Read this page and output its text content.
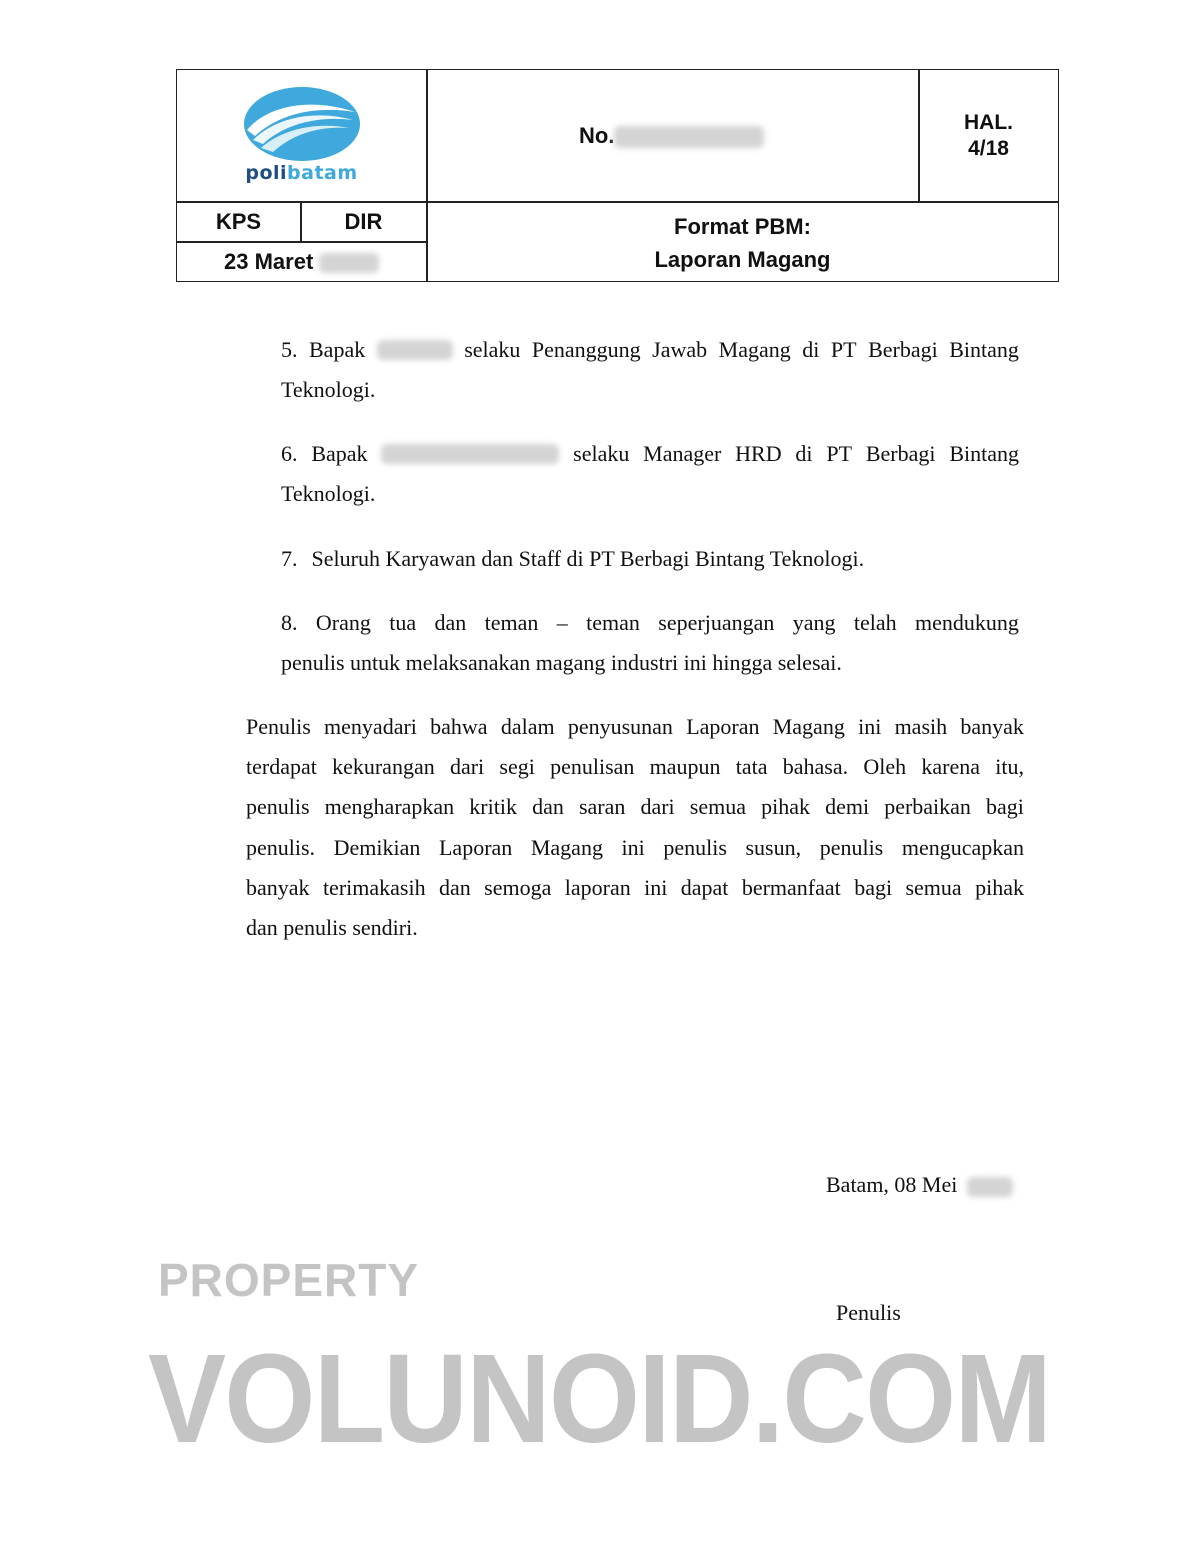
polibatam
No.
HAL.
4/18
KPS	DIR
23 Maret
Format PBM:
Laporan Magang
5. Bapak	selaku Penanggung Jawab Magang di PT Berbagi Bintang
Teknologi.
6. Bapak	selaku Manager HRD di PT Berbagi Bintang
Teknologi.
7. Seluruh Karyawan dan Staff di PT Berbagi Bintang Teknologi.
8. Orang tua dan teman – teman seperjuangan yang telah mendukung
penulis untuk melaksanakan magang industri ini hingga selesai.
Penulis menyadari bahwa dalam penyusunan Laporan Magang ini masih banyak
terdapat kekurangan dari segi penulisan maupun tata bahasa. Oleh karena itu,
penulis mengharapkan kritik dan saran dari semua pihak demi perbaikan bagi
penulis. Demikian Laporan Magang ini penulis susun, penulis mengucapkan
banyak terimakasih dan semoga laporan ini dapat bermanfaat bagi semua pihak
dan penulis sendiri.
Batam, 08 Mei
Penulis
PROPERTY
VOLUNOID.COM
